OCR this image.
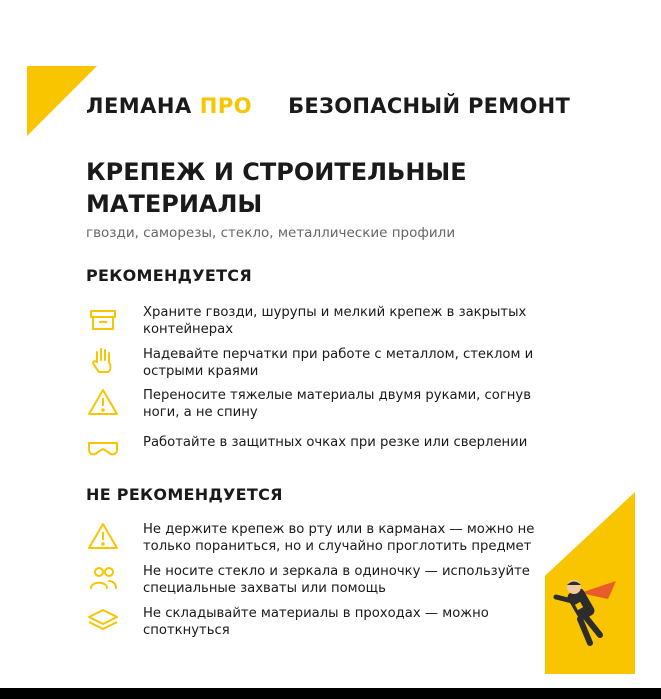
ЛЕМАНА ПРО БЕЗОПАСНЫЙ РЕМОНТ
КРЕПЕЖ И СТРОИТЕЛЬНЫЕ МАТЕРИАЛЫ
гвозди, саморезы, стекло, металлические профили
РЕКОМЕНДУЕТСЯ
Храните гвозди, шурупы и мелкий крепеж в закрытых контейнерах
Надевайте перчатки при работе с металлом, стеклом и острыми краями
Переносите тяжелые материалы двумя руками, согнув ноги, а не спину
Работайте в защитных очках при резке или сверлении
НЕ РЕКОМЕНДУЕТСЯ
Не держите крепеж во рту или в карманах — можно не только пораниться, но и случайно проглотить предмет
Не носите стекло и зеркала в одиночку — используйте специальные захваты или помощь
Не складывайте материалы в проходах — можно споткнуться
